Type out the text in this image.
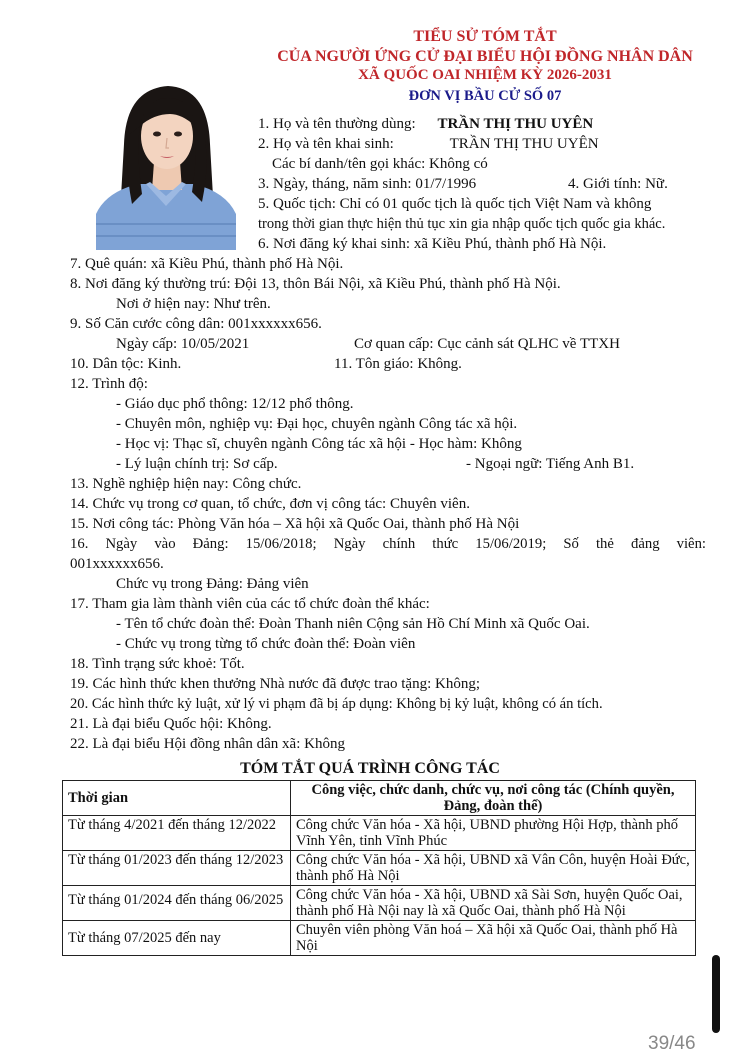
TIỂU SỬ TÓM TẮT
CỦA NGƯỜI ỨNG CỬ ĐẠI BIỂU HỘI ĐỒNG NHÂN DÂN
XÃ QUỐC OAI NHIỆM KỲ 2026-2031
ĐƠN VỊ BẦU CỬ SỐ 07
1. Họ và tên thường dùng: TRẦN THỊ THU UYÊN
2. Họ và tên khai sinh:	TRẦN THỊ THU UYÊN
Các bí danh/tên gọi khác: Không có
3. Ngày, tháng, năm sinh: 01/7/1996	4. Giới tính: Nữ.
5. Quốc tịch: Chỉ có 01 quốc tịch là quốc tịch Việt Nam và không
trong thời gian thực hiện thủ tục xin gia nhập quốc tịch quốc gia khác.
6. Nơi đăng ký khai sinh: xã Kiều Phú, thành phố Hà Nội.
7. Quê quán: xã Kiều Phú, thành phố Hà Nội.
8. Nơi đăng ký thường trú: Đội 13, thôn Bái Nội, xã Kiều Phú, thành phố Hà Nội.
Nơi ở hiện nay: Như trên.
9. Số Căn cước công dân: 001xxxxxx656.
Ngày cấp: 10/05/2021	Cơ quan cấp: Cục cảnh sát QLHC về TTXH
10. Dân tộc: Kinh.	11. Tôn giáo: Không.
12. Trình độ:
- Giáo dục phổ thông: 12/12 phổ thông.
- Chuyên môn, nghiệp vụ: Đại học, chuyên ngành Công tác xã hội.
- Học vị: Thạc sĩ, chuyên ngành Công tác xã hội - Học hàm: Không
- Lý luận chính trị: Sơ cấp.	- Ngoại ngữ: Tiếng Anh B1.
13. Nghề nghiệp hiện nay: Công chức.
14. Chức vụ trong cơ quan, tổ chức, đơn vị công tác: Chuyên viên.
15. Nơi công tác: Phòng Văn hóa – Xã hội xã Quốc Oai, thành phố Hà Nội
16. Ngày vào Đảng: 15/06/2018; Ngày chính thức 15/06/2019; Số thẻ đảng viên:
001xxxxxx656.
Chức vụ trong Đảng: Đảng viên
17. Tham gia làm thành viên của các tổ chức đoàn thể khác:
- Tên tổ chức đoàn thể: Đoàn Thanh niên Cộng sản Hồ Chí Minh xã Quốc Oai.
- Chức vụ trong từng tổ chức đoàn thể: Đoàn viên
18. Tình trạng sức khoẻ: Tốt.
19. Các hình thức khen thưởng Nhà nước đã được trao tặng: Không;
20. Các hình thức kỷ luật, xử lý vi phạm đã bị áp dụng: Không bị kỷ luật, không có án tích.
21. Là đại biểu Quốc hội: Không.
22. Là đại biểu Hội đồng nhân dân xã: Không
TÓM TẮT QUÁ TRÌNH CÔNG TÁC
Thời gian	Công việc, chức danh, chức vụ, nơi công tác (Chính quyền, Đảng, đoàn thể)
Từ tháng 4/2021 đến tháng 12/2022	Công chức Văn hóa - Xã hội, UBND phường Hội Hợp, thành phố Vĩnh Yên, tỉnh Vĩnh Phúc
Từ tháng 01/2023 đến tháng 12/2023	Công chức Văn hóa - Xã hội, UBND xã Vân Côn, huyện Hoài Đức, thành phố Hà Nội
Từ tháng 01/2024 đến tháng 06/2025	Công chức Văn hóa - Xã hội, UBND xã Sài Sơn, huyện Quốc Oai, thành phố Hà Nội nay là xã Quốc Oai, thành phố Hà Nội
Từ tháng 07/2025 đến nay	Chuyên viên phòng Văn hoá – Xã hội xã Quốc Oai, thành phố Hà Nội
39/46
